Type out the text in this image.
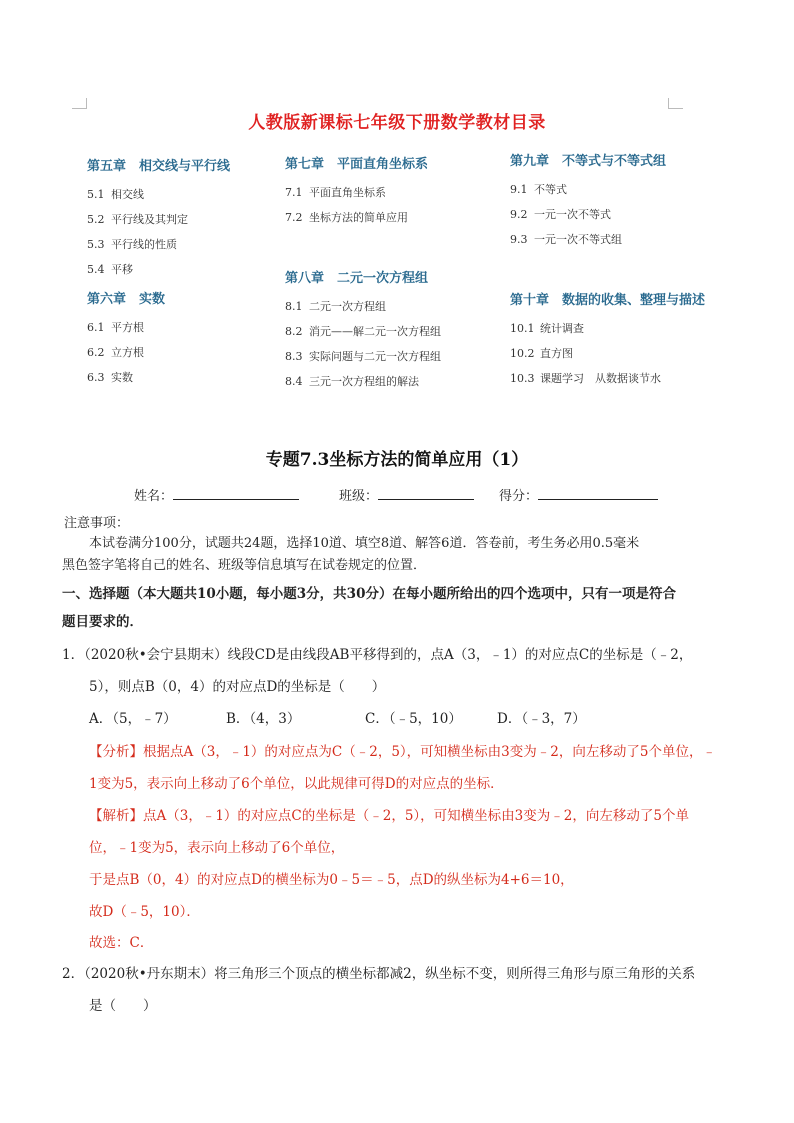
人教版新课标七年级下册数学教材目录
第五章　相交线与平行线
5.1 相交线
5.2 平行线及其判定
5.3 平行线的性质
5.4 平移
第六章　实数
6.1 平方根
6.2 立方根
6.3 实数
第七章　平面直角坐标系
7.1 平面直角坐标系
7.2 坐标方法的简单应用
第八章　二元一次方程组
8.1 二元一次方程组
8.2 消元——解二元一次方程组
8.3 实际问题与二元一次方程组
8.4 三元一次方程组的解法
第九章　不等式与不等式组
9.1 不等式
9.2 一元一次不等式
9.3 一元一次不等式组
第十章　数据的收集、整理与描述
10.1 统计调查
10.2 直方图
10.3 课题学习　从数据谈节水
专题7.3坐标方法的简单应用（1）
姓名：	班级：	得分：
注意事项：
本试卷满分100分，试题共24题，选择10道、填空8道、解答6道．答卷前，考生务必用0.5毫米
黑色签字笔将自己的姓名、班级等信息填写在试卷规定的位置．
一、选择题（本大题共10小题，每小题3分，共30分）在每小题所给出的四个选项中，只有一项是符合
题目要求的．
1．（2020秋•会宁县期末）线段CD是由线段AB平移得到的，点A（3，﹣1）的对应点C的坐标是（﹣2，
5），则点B（0，4）的对应点D的坐标是（　　）
A．（5，﹣7）	B．（4，3）	C．（﹣5，10）	D．（﹣3，7）
【分析】根据点A（3，﹣1）的对应点为C（﹣2，5），可知横坐标由3变为﹣2，向左移动了5个单位，﹣
1变为5，表示向上移动了6个单位，以此规律可得D的对应点的坐标．
【解析】点A（3，﹣1）的对应点C的坐标是（﹣2，5），可知横坐标由3变为﹣2，向左移动了5个单
位，﹣1变为5，表示向上移动了6个单位，
于是点B（0，4）的对应点D的横坐标为0﹣5＝﹣5，点D的纵坐标为4+6＝10，
故D（﹣5，10）．
故选：C．
2．（2020秋•丹东期末）将三角形三个顶点的横坐标都减2，纵坐标不变，则所得三角形与原三角形的关系
是（　　）
